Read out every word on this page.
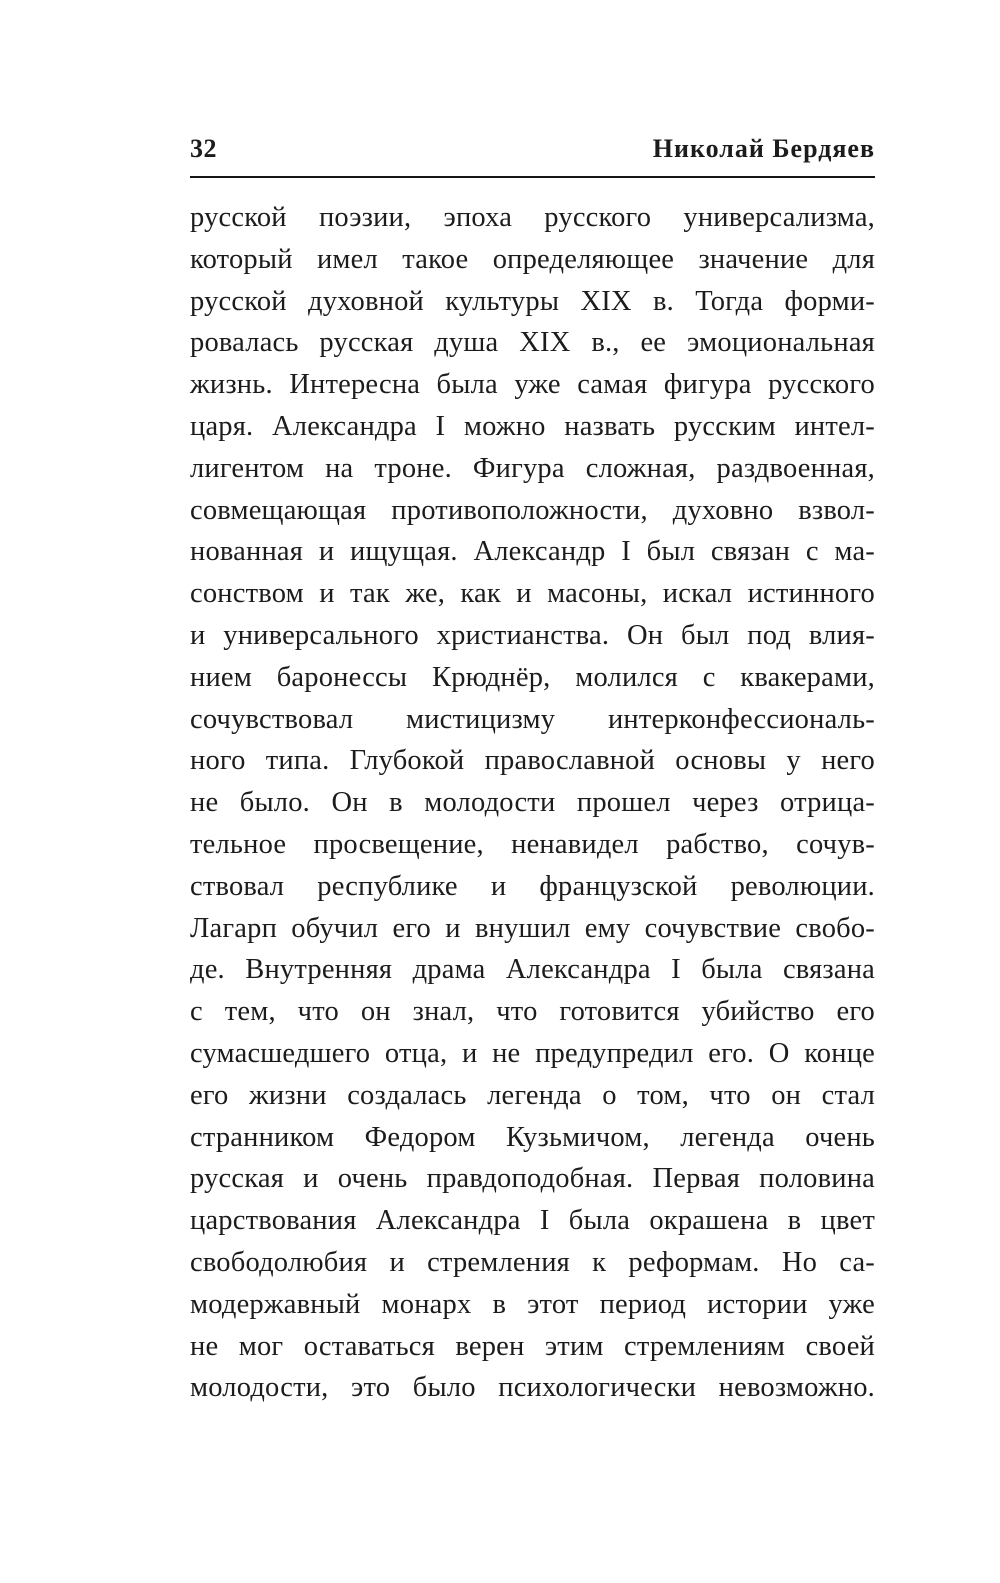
32	Николай Бердяев
русской поэзии, эпоха русского универсализма,
который имел такое определяющее значение для
русской духовной культуры XIX в. Тогда форми-
ровалась русская душа XIX в., ее эмоциональная
жизнь. Интересна была уже самая фигура русского
царя. Александра I можно назвать русским интел-
лигентом на троне. Фигура сложная, раздвоенная,
совмещающая противоположности, духовно взвол-
нованная и ищущая. Александр I был связан с ма-
сонством и так же, как и масоны, искал истинного
и универсального христианства. Он был под влия-
нием баронессы Крюднёр, молился с квакерами,
сочувствовал мистицизму интерконфессиональ-
ного типа. Глубокой православной основы у него
не было. Он в молодости прошел через отрица-
тельное просвещение, ненавидел рабство, сочув-
ствовал республике и французской революции.
Лагарп обучил его и внушил ему сочувствие свобо-
де. Внутренняя драма Александра I была связана
с тем, что он знал, что готовится убийство его
сумасшедшего отца, и не предупредил его. О конце
его жизни создалась легенда о том, что он стал
странником Федором Кузьмичом, легенда очень
русская и очень правдоподобная. Первая половина
царствования Александра I была окрашена в цвет
свободолюбия и стремления к реформам. Но са-
модержавный монарх в этот период истории уже
не мог оставаться верен этим стремлениям своей
молодости, это было психологически невозможно.
